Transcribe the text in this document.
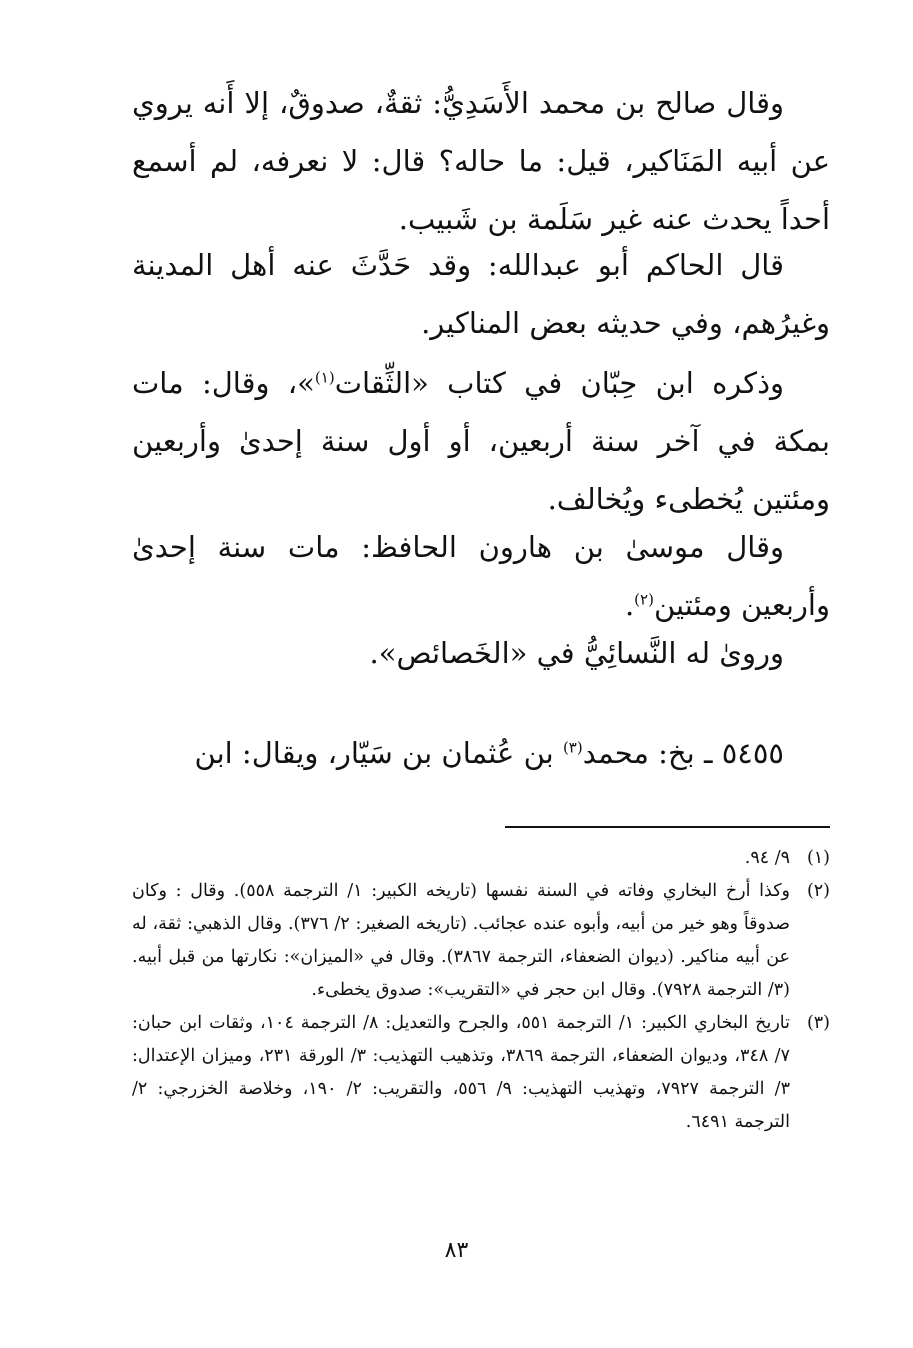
وقال صالح بن محمد الأَسَدِيُّ: ثقةٌ، صدوقٌ، إلا أَنه يروي عن أبيه المَنَاكير، قيل: ما حاله؟ قال: لا نعرفه، لم أسمع أحداً يحدث عنه غير سَلَمة بن شَبيب.

قال الحاكم أبو عبدالله: وقد حَدَّثَ عنه أهل المدينة وغيرُهم، وفي حديثه بعض المناكير.

وذكره ابن حِبّان في كتاب «الثِّقات$^{(١)}$»، وقال: مات بمكة في آخر سنة أربعين، أو أول سنة إحدىٰ وأربعين ومئتين يُخطىء ويُخالف.

وقال موسىٰ بن هارون الحافظ: مات سنة إحدىٰ وأربعين ومئتين$^{(٢)}$.

ورویٰ له النَّسائِيُّ في «الخَصائص».

٥٤٥٥ ـ بخ: محمد$^{(٣)}$ بن عُثمان بن سَيّار، ويقال: ابن

(١)
٩/ ٩٤.
(٢)
وكذا أرخ البخاري وفاته في السنة نفسها (تاريخه الكبير: ١/ الترجمة ٥٥٨). وقال : وكان صدوقاً وهو خير من أبيه، وأبوه عنده عجائب. (تاريخه الصغير: ٢/ ٣٧٦). وقال الذهبي: ثقة، له عن أبيه مناكير. (ديوان الضعفاء، الترجمة ٣٨٦٧). وقال في «الميزان»: نكارتها من قبل أبيه. (٣/ الترجمة ٧٩٢٨). وقال ابن حجر في «التقريب»: صدوق يخطىء.
(٣)
تاريخ البخاري الكبير: ١/ الترجمة ٥٥١، والجرح والتعديل: ٨/ الترجمة ١٠٤، وثقات ابن حبان: ٧/ ٣٤٨، وديوان الضعفاء، الترجمة ٣٨٦٩، وتذهيب التهذيب: ٣/ الورقة ٢٣١، وميزان الإعتدال: ٣/ الترجمة ٧٩٢٧، وتهذيب التهذيب: ٩/ ٥٥٦، والتقريب: ٢/ ١٩٠، وخلاصة الخزرجي: ٢/ الترجمة ٦٤٩١.
٨٣
